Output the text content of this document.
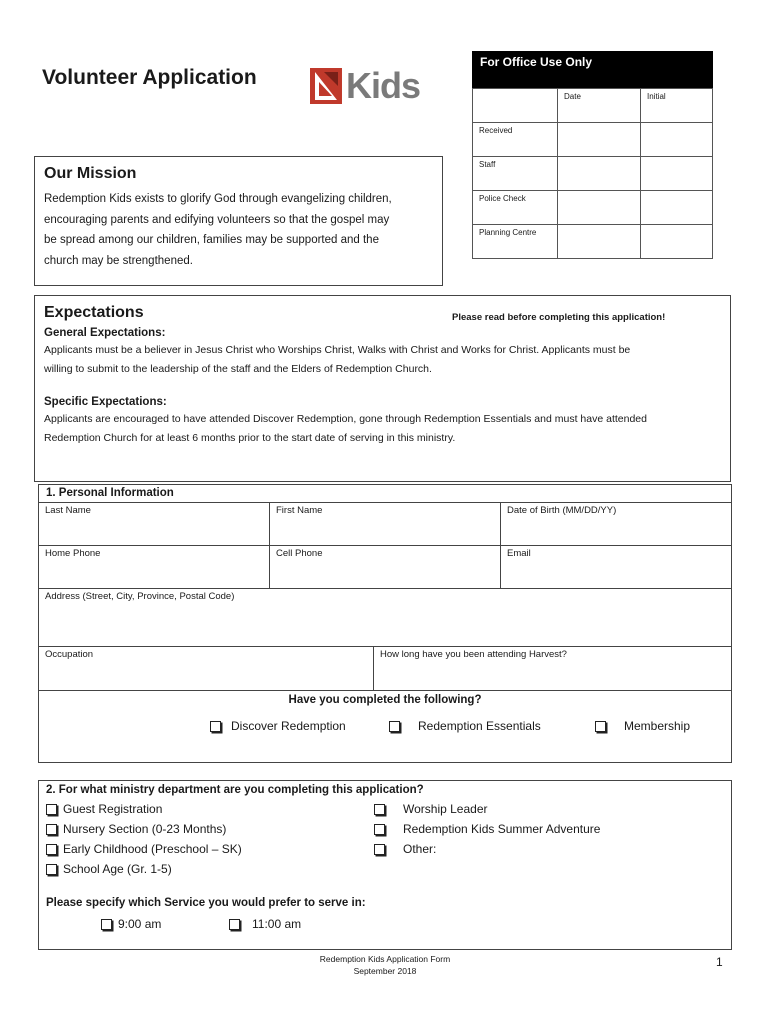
Volunteer Application Kids
For Office Use Only
	Date	Initial
Received		
Staff		
Police Check		
Planning Centre		
Our Mission

Redemption Kids exists to glorify God through evangelizing children,
encouraging parents and edifying volunteers so that the gospel may
be spread among our children, families may be supported and the
church may be strengthened.

Expectations	Please read before completing this application!
General Expectations:

Applicants must be a believer in Jesus Christ who Worships Christ, Walks with Christ and Works for Christ. Applicants must be
willing to submit to the leadership of the staff and the Elders of Redemption Church.

Specific Expectations:

Applicants are encouraged to have attended Discover Redemption, gone through Redemption Essentials and must have attended
Redemption Church for at least 6 months prior to the start date of serving in this ministry.

1. Personal Information
Last Name	First Name	Date of Birth (MM/DD/YY)
Home Phone	Cell Phone	Email
Address (Street, City, Province, Postal Code)
Occupation	How long have you been attending Harvest?
Have you completed the following?
Discover Redemption	Redemption Essentials	Membership
2. For what ministry department are you completing this application?
Guest Registration
Nursery Section (0-23 Months)
Early Childhood (Preschool – SK)
School Age (Gr. 1-5)
Worship Leader
Redemption Kids Summer Adventure
Other:
Please specify which Service you would prefer to serve in:
9:00 am	11:00 am
Redemption Kids Application Form
September 2018
1
